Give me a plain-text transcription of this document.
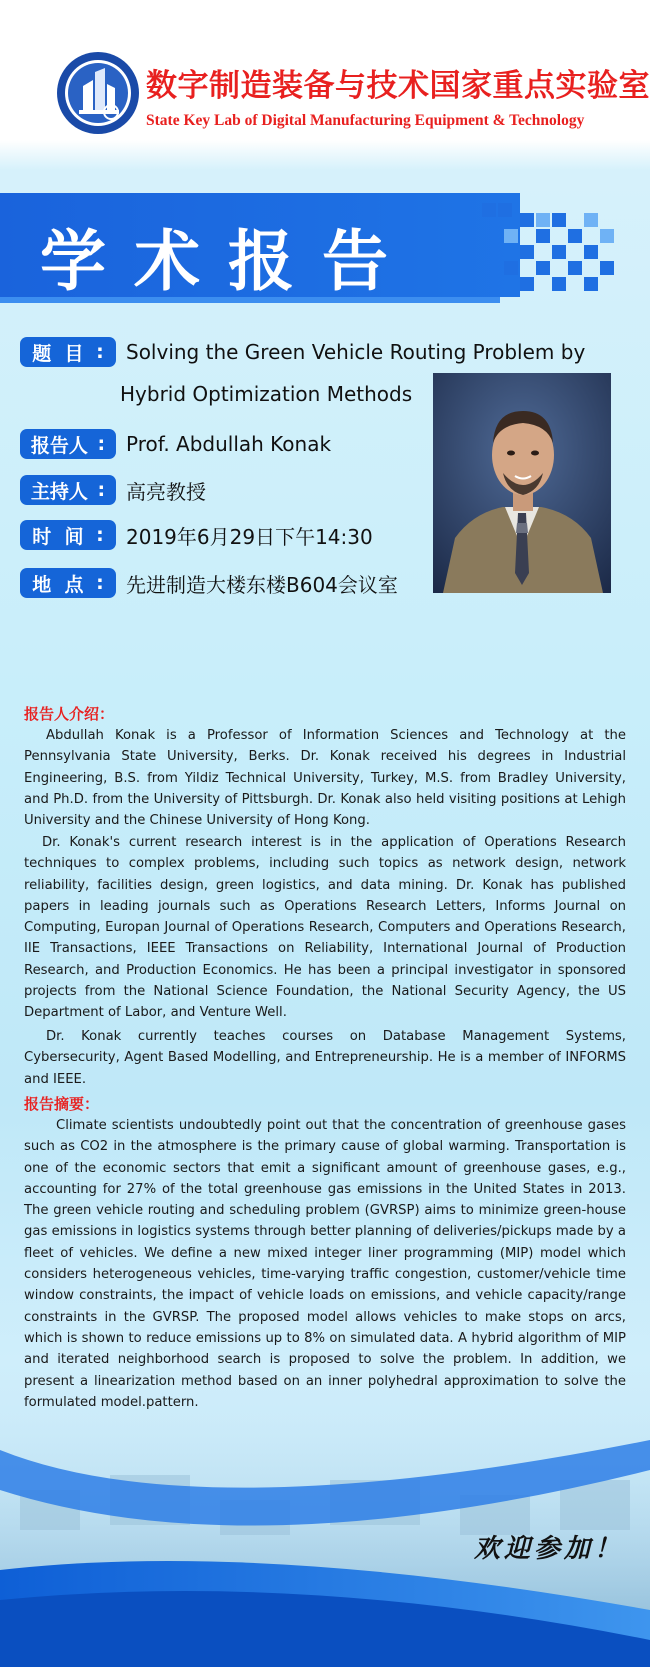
数字制造装备与技术国家重点实验室
State Key Lab of Digital Manufacturing Equipment & Technology
学术报告
题  目 : Solving the Green Vehicle Routing Problem by
Hybrid Optimization Methods
报告人 : Prof. Abdullah Konak
主持人 : 高亮教授
时  间 : 2019年6月29日下午14:30
地  点 : 先进制造大楼东楼B604会议室
报告人介绍：
Abdullah Konak is a Professor of Information Sciences and Technology at the Pennsylvania State University, Berks. Dr. Konak received his degrees in Industrial Engineering, B.S. from Yildiz Technical University, Turkey, M.S. from Bradley University, and Ph.D. from the University of Pittsburgh. Dr. Konak also held visiting positions at Lehigh University and the Chinese University of Hong Kong.
Dr. Konak's current research interest is in the application of Operations Research techniques to complex problems, including such topics as network design, network reliability, facilities design, green logistics, and data mining. Dr. Konak has published papers in leading journals such as Operations Research Letters, Informs Journal on Computing, Europan Journal of Operations Research, Computers and Operations Research, IIE Transactions, IEEE Transactions on Reliability, International Journal of Production Research, and Production Economics. He has been a principal investigator in sponsored projects from the National Science Foundation, the National Security Agency, the US Department of Labor, and Venture Well.
Dr. Konak currently teaches courses on Database Management Systems, Cybersecurity, Agent Based Modelling, and Entrepreneurship. He is a member of INFORMS and IEEE.
报告摘要：
Climate scientists undoubtedly point out that the concentration of greenhouse gases such as CO2 in the atmosphere is the primary cause of global warming. Transportation is one of the economic sectors that emit a significant amount of greenhouse gases, e.g., accounting for 27% of the total greenhouse gas emissions in the United States in 2013. The green vehicle routing and scheduling problem (GVRSP) aims to minimize green-house gas emissions in logistics systems through better planning of deliveries/pickups made by a fleet of vehicles. We define a new mixed integer liner programming (MIP) model which considers heterogeneous vehicles, time-varying traffic congestion, customer/vehicle time window constraints, the impact of vehicle loads on emissions, and vehicle capacity/range constraints in the GVRSP. The proposed model allows vehicles to make stops on arcs, which is shown to reduce emissions up to 8% on simulated data. A hybrid algorithm of MIP and iterated neighborhood search is proposed to solve the problem. In addition, we present a linearization method based on an inner polyhedral approximation to solve the formulated model.pattern.
欢迎参加！
